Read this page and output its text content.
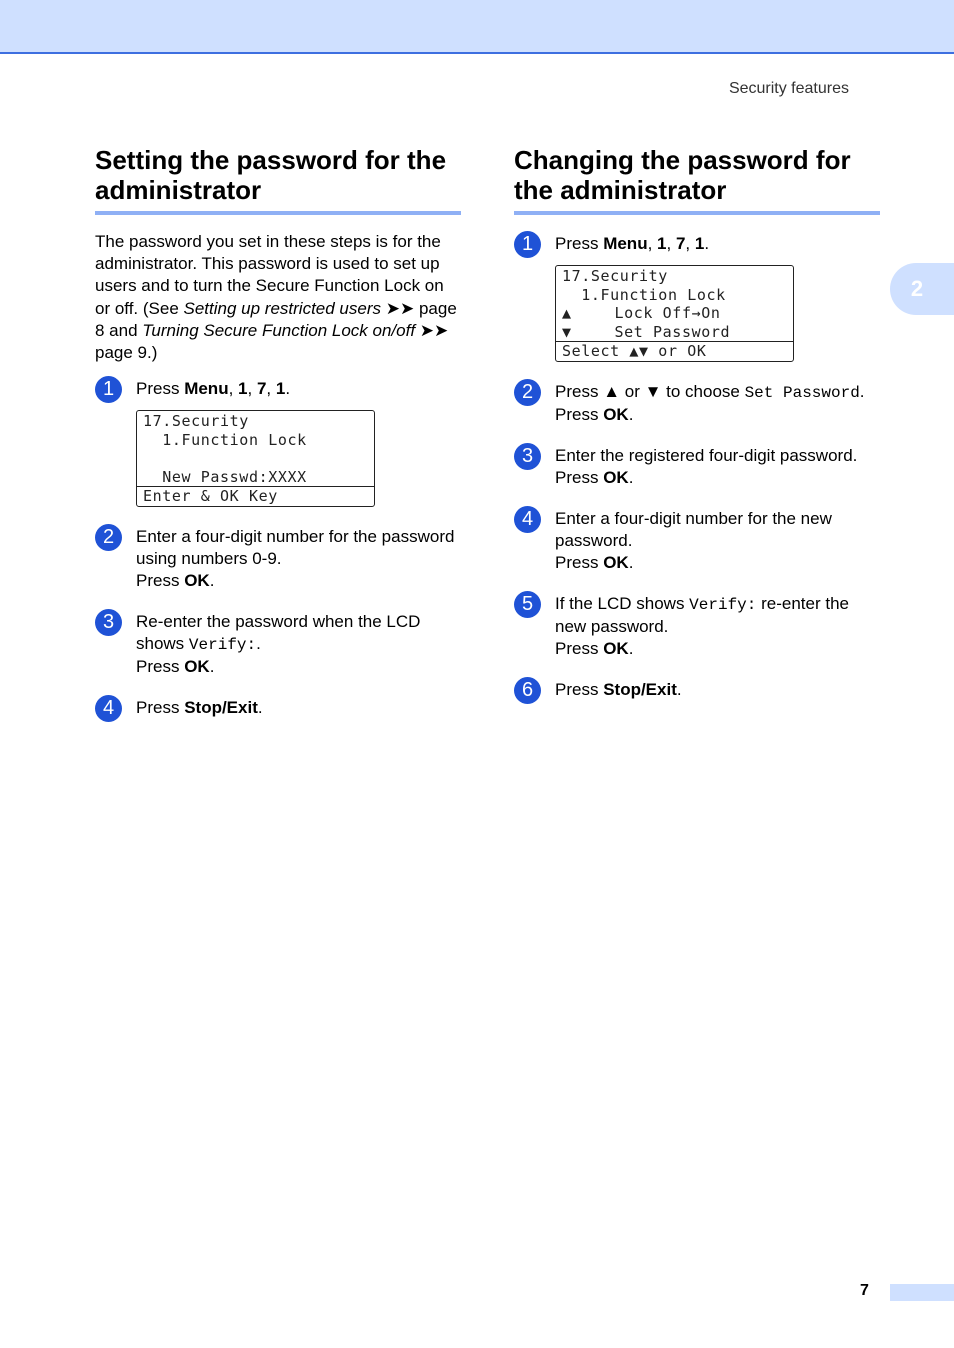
Security features
2
Setting the password for the administrator

The password you set in these steps is for the administrator. This password is used to set up users and to turn the Secure Function Lock on or off. (See Setting up restricted users ➤➤ page 8 and Turning Secure Function Lock on/off ➤➤ page 9.)

1	Press Menu, 1, 7, 1.
17.Security
1.Function Lock
New Passwd:XXXX
Enter & OK Key
2	Enter a four-digit number for the password using numbers 0-9.
Press OK.
3	Re-enter the password when the LCD shows Verify:.
Press OK.
4	Press Stop/Exit.
Changing the password for the administrator
1	Press Menu, 1, 7, 1.
17.Security
1.Function Lock
▲    Lock Off→On
▼    Set Password
Select ▲▼ or OK
2	Press ▲ or ▼ to choose Set Password.
Press OK.
3	Enter the registered four-digit password.
Press OK.
4	Enter a four-digit number for the new password.
Press OK.
5	If the LCD shows Verify: re-enter the new password.
Press OK.
6	Press Stop/Exit.
7
